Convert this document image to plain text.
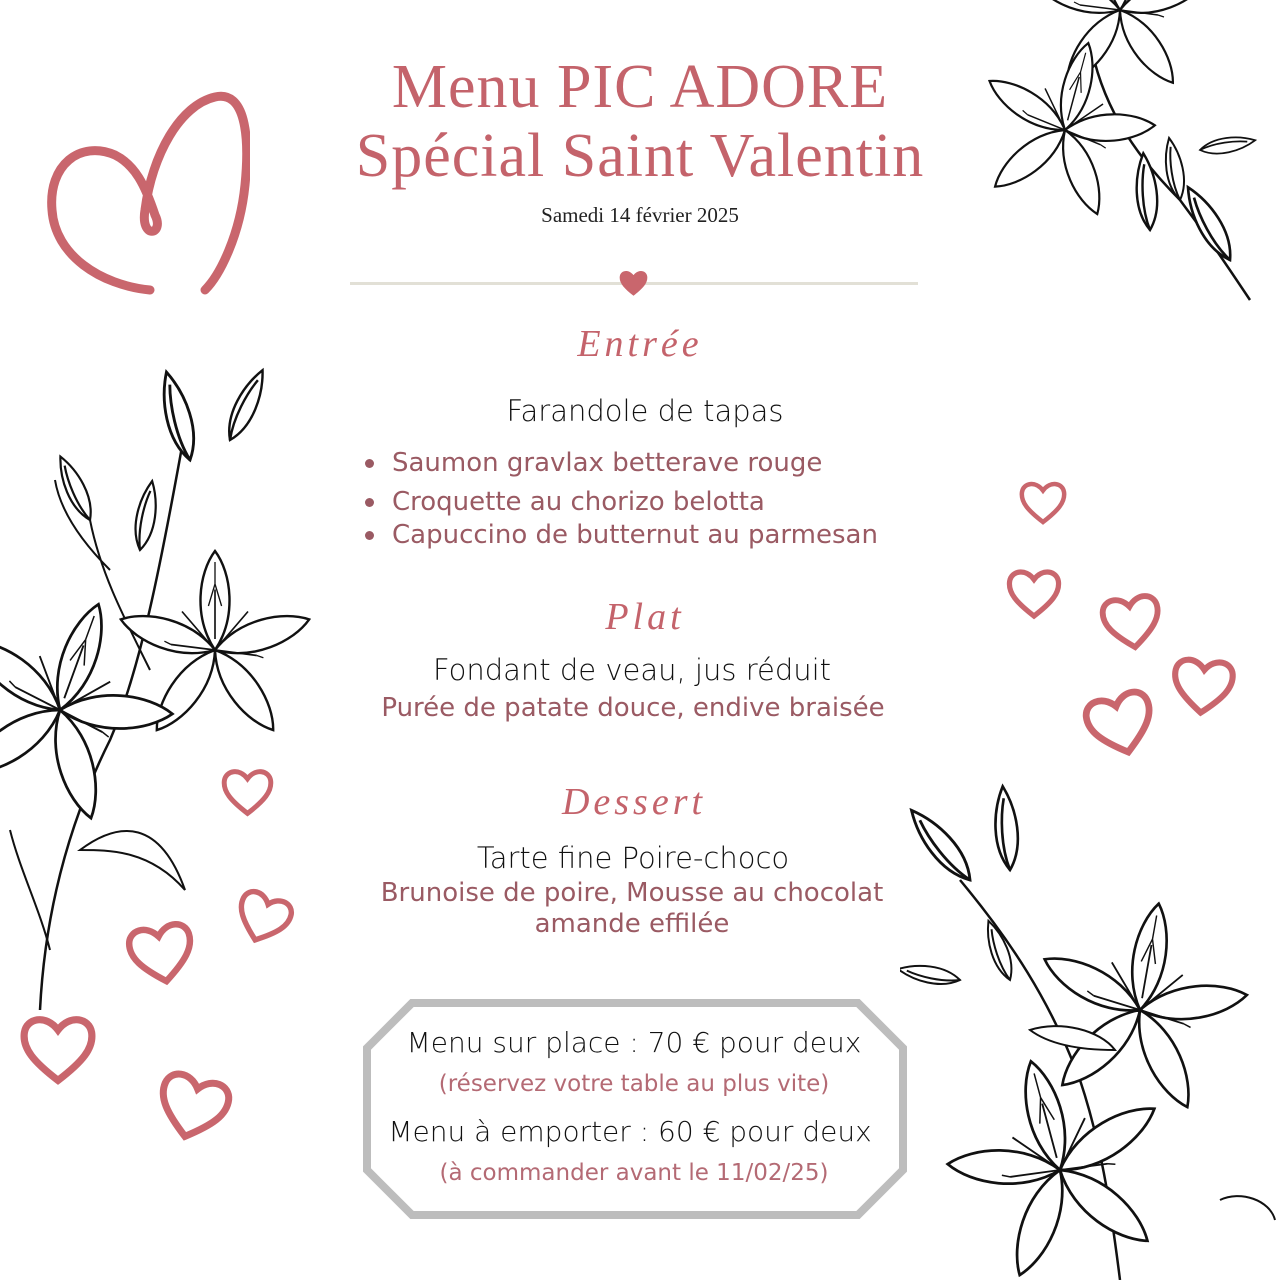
Menu PIC ADORE
Spécial Saint Valentin
Samedi 14 février 2025
Entrée
Farandole de tapas
Saumon gravlax betterave rouge
Croquette au chorizo belotta
Capuccino de butternut au parmesan
Plat
Fondant de veau, jus réduit
Purée de patate douce, endive braisée
Dessert
Tarte fine Poire-choco
Brunoise de poire, Mousse au chocolat
amande effilée
Menu sur place : 70 € pour deux
(réservez votre table au plus vite)
Menu à emporter : 60 € pour deux
(à commander avant le 11/02/25)
